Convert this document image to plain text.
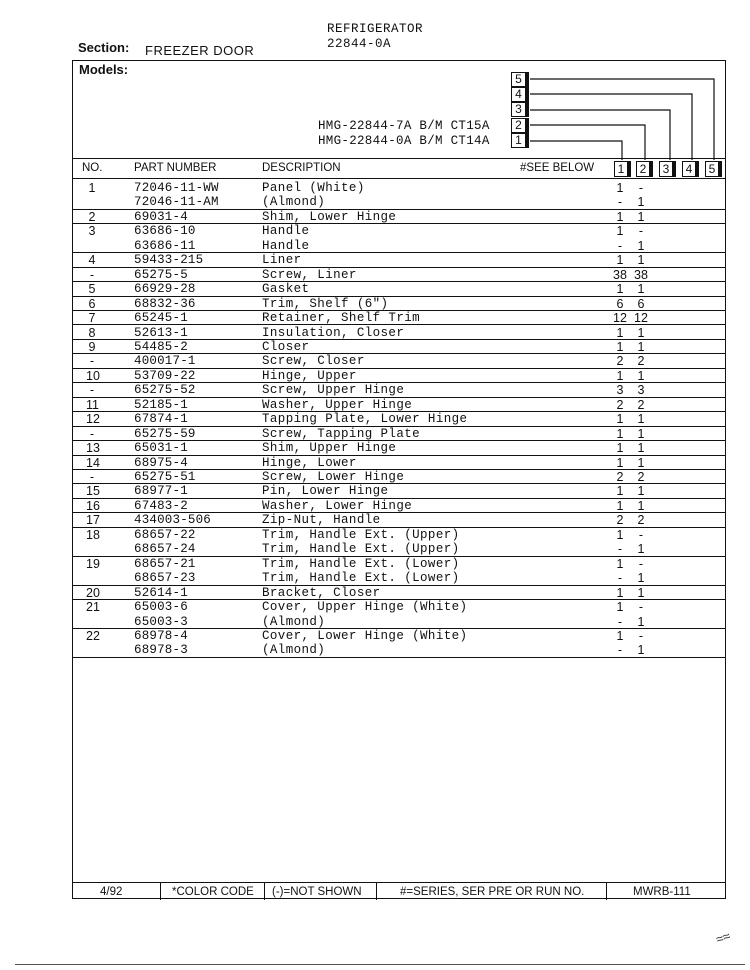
REFRIGERATOR
22844-0A
Section: FREEZER DOOR
Models:
HMG-22844-7A B/M CT15A
HMG-22844-0A B/M CT14A
5
4
3
2
1
NO.	PART NUMBER	DESCRIPTION	#SEE BELOW	1	2	3	4	5
1	72046-11-WW	Panel (White)	1	-
72046-11-AM	(Almond)	-	1
2	69031-4	Shim, Lower Hinge	1	1
3	63686-10	Handle	1	-
63686-11	Handle	-	1
4	59433-215	Liner	1	1
-	65275-5	Screw, Liner	38 38
5	66929-28	Gasket	1	1
6	68832-36	Trim, Shelf (6")	6	6
7	65245-1	Retainer, Shelf Trim	12 12
8	52613-1	Insulation, Closer	1	1
9	54485-2	Closer	1	1
-	400017-1	Screw, Closer	2	2
10	53709-22	Hinge, Upper	1	1
-	65275-52	Screw, Upper Hinge	3	3
11	52185-1	Washer, Upper Hinge	2	2
12	67874-1	Tapping Plate, Lower Hinge	1	1
-	65275-59	Screw, Tapping Plate	1	1
13	65031-1	Shim, Upper Hinge	1	1
14	68975-4	Hinge, Lower	1	1
-	65275-51	Screw, Lower Hinge	2	2
15	68977-1	Pin, Lower Hinge	1	1
16	67483-2	Washer, Lower Hinge	1	1
17	434003-506	Zip-Nut, Handle	2	2
18	68657-22	Trim, Handle Ext. (Upper)	1	-
68657-24	Trim, Handle Ext. (Upper)	-	1
19	68657-21	Trim, Handle Ext. (Lower)	1	-
68657-23	Trim, Handle Ext. (Lower)	-	1
20	52614-1	Bracket, Closer	1	1
21	65003-6	Cover, Upper Hinge (White)	1	-
65003-3	(Almond)	-	1
22	68978-4	Cover, Lower Hinge (White)	1	-
68978-3	(Almond)	-	1
4/92	*COLOR CODE (-)=NOT SHOWN	#=SERIES, SER PRE OR RUN NO.	MWRB-111
≈≈
